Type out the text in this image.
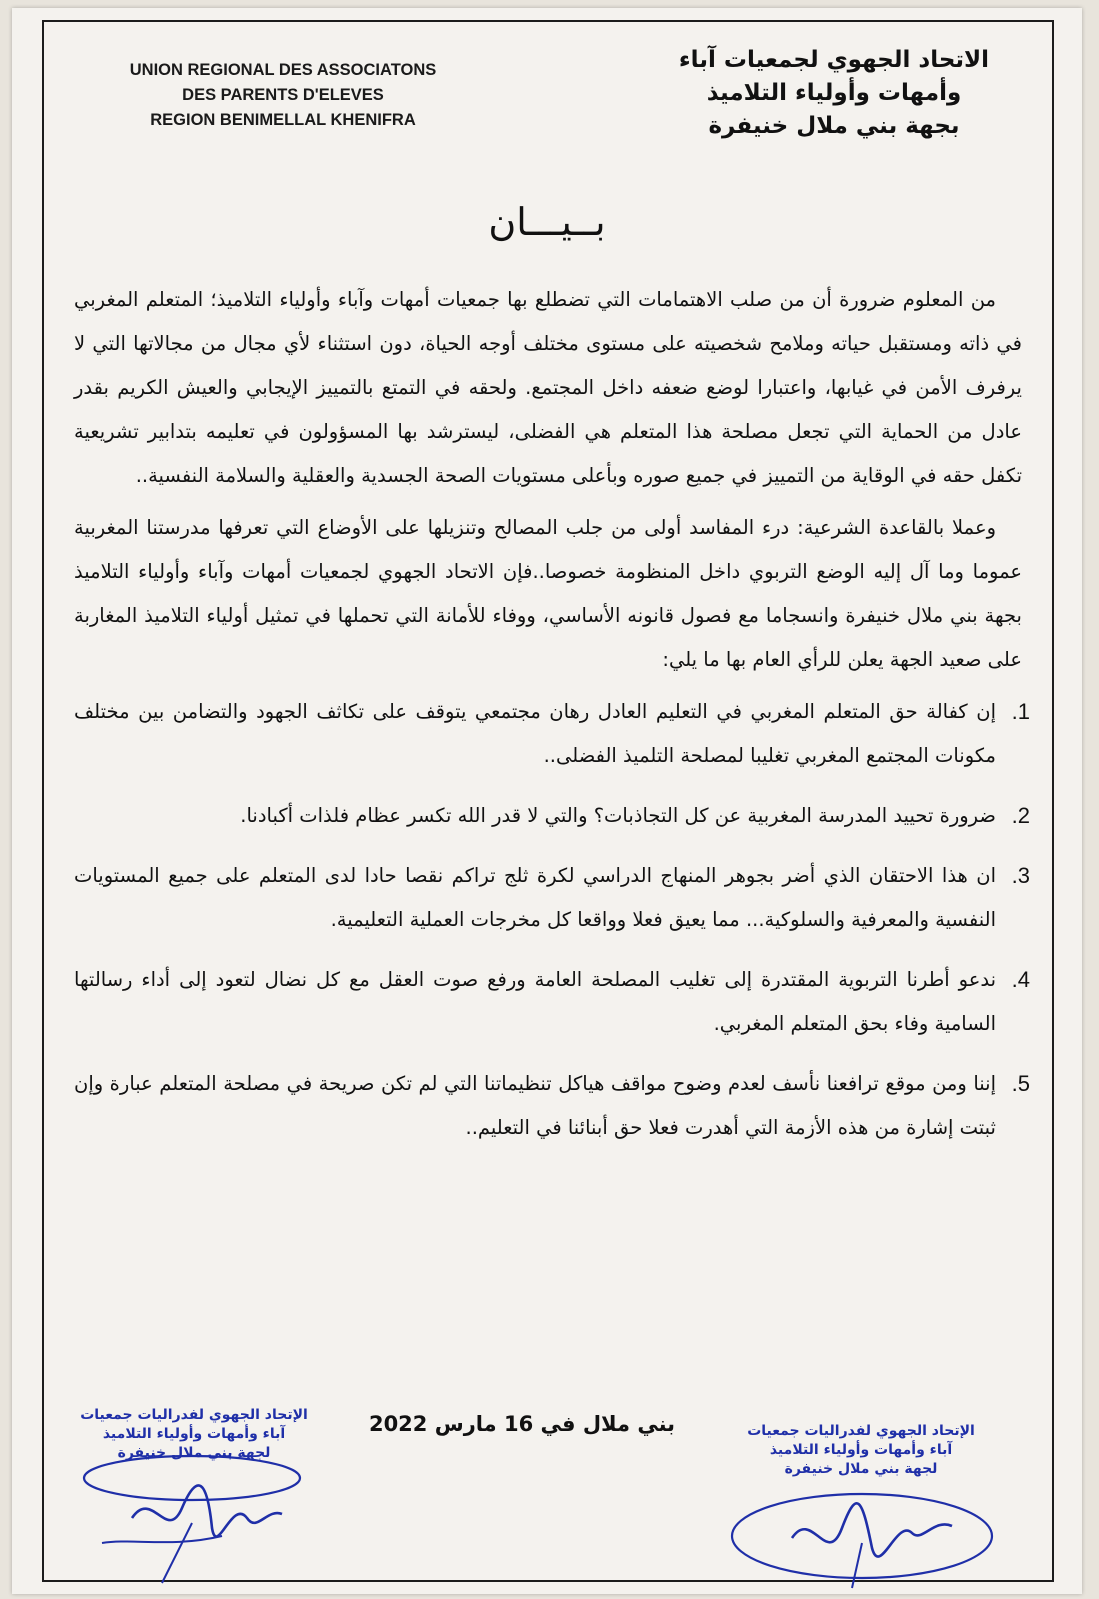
UNION REGIONAL DES ASSOCIATONS
DES PARENTS D'ELEVES
REGION BENIMELLAL KHENIFRA
الاتحاد الجهوي لجمعيات آباء
وأمهات وأولياء التلاميذ
بجهة بني ملال خنيفرة
بــيـــان

من المعلوم ضرورة أن من صلب الاهتمامات التي تضطلع بها جمعيات أمهات وآباء وأولياء التلاميذ؛ المتعلم المغربي في ذاته ومستقبل حياته وملامح شخصيته على مستوى مختلف أوجه الحياة، دون استثناء لأي مجال من مجالاتها التي لا يرفرف الأمن في غيابها، واعتبارا لوضع ضعفه داخل المجتمع. ولحقه في التمتع بالتمييز الإيجابي والعيش الكريم بقدر عادل من الحماية التي تجعل مصلحة هذا المتعلم هي الفضلى، ليسترشد بها المسؤولون في تعليمه بتدابير تشريعية تكفل حقه في الوقاية من التمييز في جميع صوره وبأعلى مستويات الصحة الجسدية والعقلية والسلامة النفسية..

وعملا بالقاعدة الشرعية: درء المفاسد أولى من جلب المصالح وتنزيلها على الأوضاع التي تعرفها مدرستنا المغربية عموما وما آل إليه الوضع التربوي داخل المنظومة خصوصا..فإن الاتحاد الجهوي لجمعيات أمهات وآباء وأولياء التلاميذ بجهة بني ملال خنيفرة وانسجاما مع فصول قانونه الأساسي، ووفاء للأمانة التي تحملها في تمثيل أولياء التلاميذ المغاربة على صعيد الجهة يعلن للرأي العام بها ما يلي:

1.
إن كفالة حق المتعلم المغربي في التعليم العادل رهان مجتمعي يتوقف على تكاثف الجهود والتضامن بين مختلف مكونات المجتمع المغربي تغليبا لمصلحة التلميذ الفضلى..
2.
ضرورة تحييد المدرسة المغربية عن كل التجاذبات؟ والتي لا قدر الله تكسر عظام فلذات أكبادنا.
3.
ان هذا الاحتقان الذي أضر بجوهر المنهاج الدراسي لكرة ثلج تراكم نقصا حادا لدى المتعلم على جميع المستويات النفسية والمعرفية والسلوكية... مما يعيق فعلا وواقعا كل مخرجات العملية التعليمية.
4.
ندعو أطرنا التربوية المقتدرة إلى تغليب المصلحة العامة ورفع صوت العقل مع كل نضال لتعود إلى أداء رسالتها السامية وفاء بحق المتعلم المغربي.
5.
إننا ومن موقع ترافعنا نأسف لعدم وضوح مواقف هياكل تنظيماتنا التي لم تكن صريحة في مصلحة المتعلم عبارة وإن ثبتت إشارة من هذه الأزمة التي أهدرت فعلا حق أبنائنا في التعليم..
بني ملال في 16 مارس 2022
الإتحاد الجهوي لفدراليات جمعيات
آباء وأمهات وأولياء التلاميذ
لجهة بني ملال خنيفرة
الإتحاد الجهوي لفدراليات جمعيات
آباء وأمهات وأولياء التلاميذ
لجهة بني ملال خنيفرة
